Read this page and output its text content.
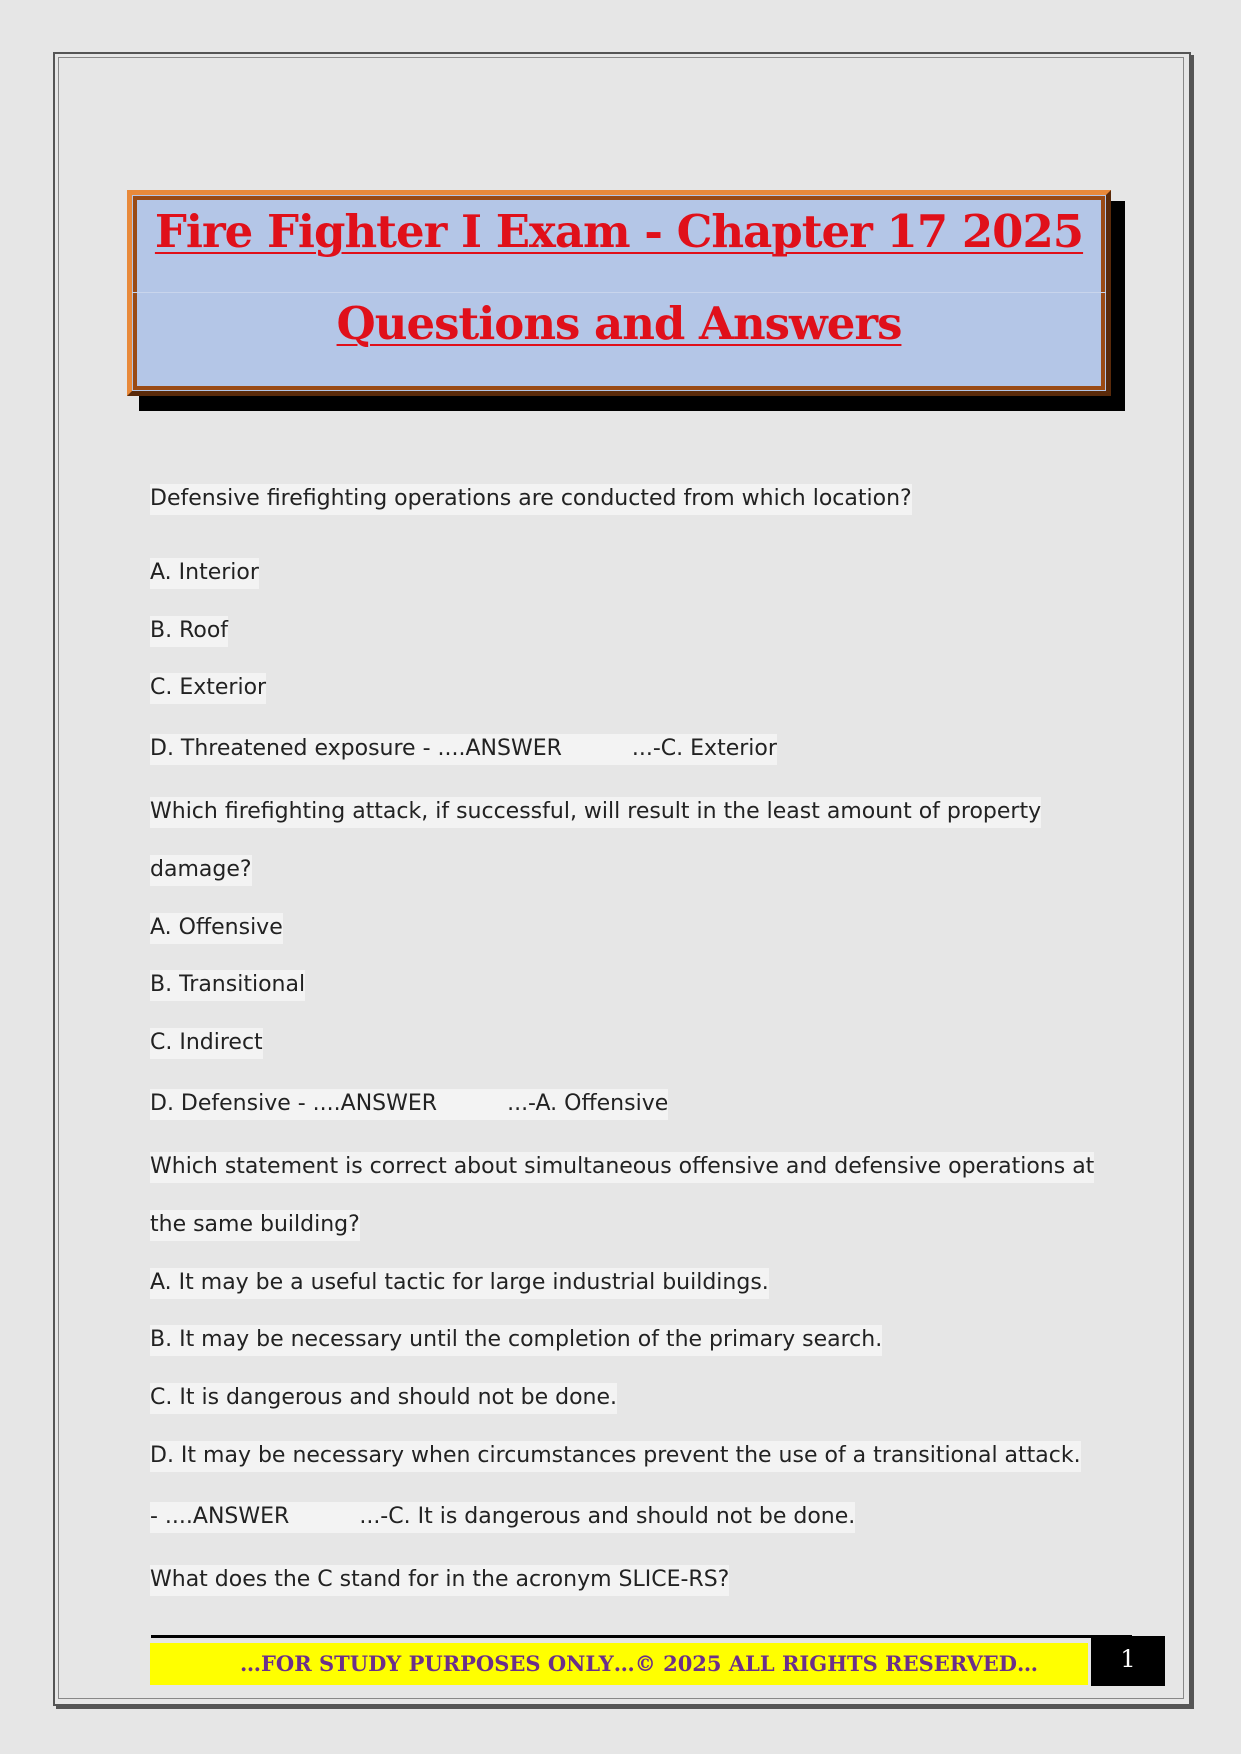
Fire Fighter I Exam - Chapter 17 2025
Questions and Answers
Defensive firefighting operations are conducted from which location?
A. Interior
B. Roof
C. Exterior
D. Threatened exposure - ....ANSWER	...-C. Exterior
Which firefighting attack, if successful, will result in the least amount of property
damage?
A. Offensive
B. Transitional
C. Indirect
D. Defensive - ....ANSWER	...-A. Offensive
Which statement is correct about simultaneous offensive and defensive operations at
the same building?
A. It may be a useful tactic for large industrial buildings.
B. It may be necessary until the completion of the primary search.
C. It is dangerous and should not be done.
D. It may be necessary when circumstances prevent the use of a transitional attack.
- ....ANSWER	...-C. It is dangerous and should not be done.
What does the C stand for in the acronym SLICE-RS?
…FOR STUDY PURPOSES ONLY…© 2025 ALL RIGHTS RESERVED…	1
